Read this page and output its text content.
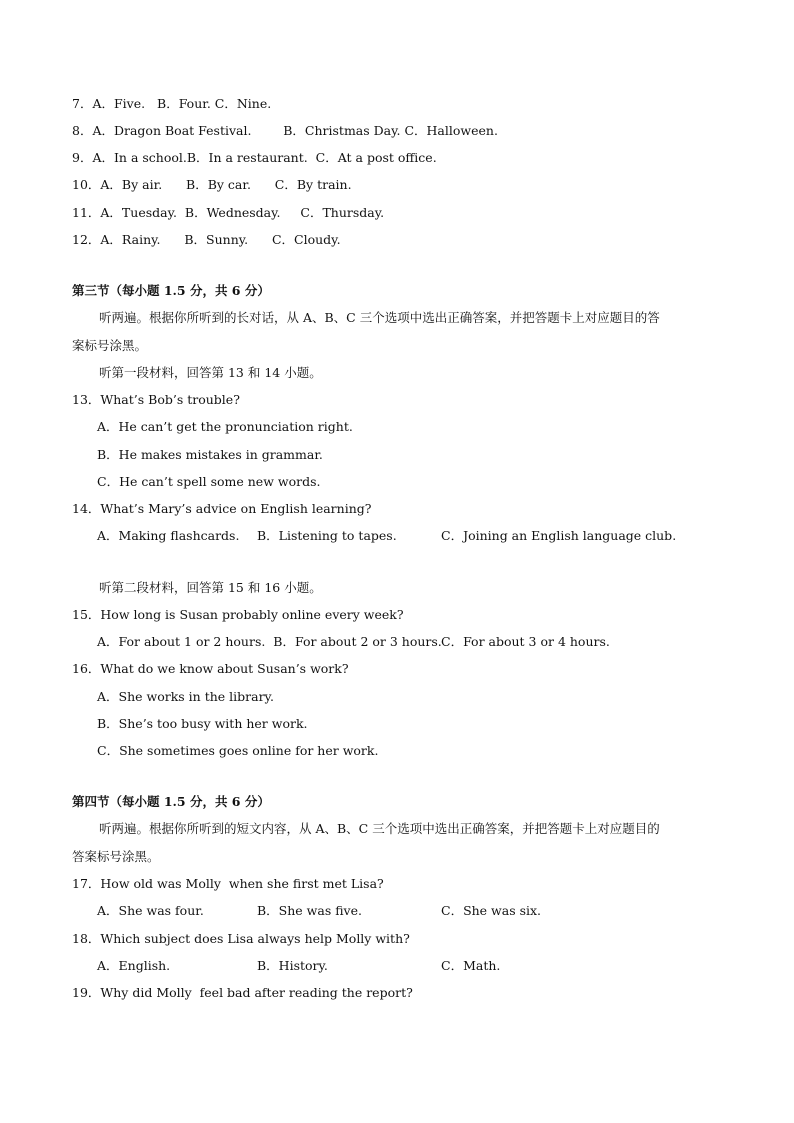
7．A．Five.   B．Four. C．Nine.
8．A．Dragon Boat Festival.        B．Christmas Day. C．Halloween.
9．A．In a school.B．In a restaurant.  C．At a post office.
10．A．By air.      B．By car.      C．By train.
11．A．Tuesday.  B．Wednesday.     C．Thursday.
12．A．Rainy.      B．Sunny.      C．Cloudy.
第三节（每小题 1.5 分，共 6 分）
听两遍。根据你所听到的长对话，从 A、B、C 三个选项中选出正确答案，并把答题卡上对应题目的答
案标号涂黑。
听第一段材料，回答第 13 和 14 小题。
13．What’s Bob’s trouble?
A．He can’t get the pronunciation right.
B．He makes mistakes in grammar.
C．He can’t spell some new words.
14．What’s Mary’s advice on English learning?
A．Making flashcards. B．Listening to tapes.	C．Joining an English language club.
听第二段材料，回答第 15 和 16 小题。
15．How long is Susan probably online every week?
A．For about 1 or 2 hours.  B．For about 2 or 3 hours. C．For about 3 or 4 hours.
16．What do we know about Susan’s work?
A．She works in the library.
B．She’s too busy with her work.
C．She sometimes goes online for her work.
第四节（每小题 1.5 分，共 6 分）
听两遍。根据你所听到的短文内容，从 A、B、C 三个选项中选出正确答案，并把答题卡上对应题目的
答案标号涂黑。
17．How old was Molly  when she first met Lisa?
A．She was four.	B．She was five.	C．She was six.
18．Which subject does Lisa always help Molly with?
A．English.	B．History.	C．Math.
19．Why did Molly  feel bad after reading the report?
